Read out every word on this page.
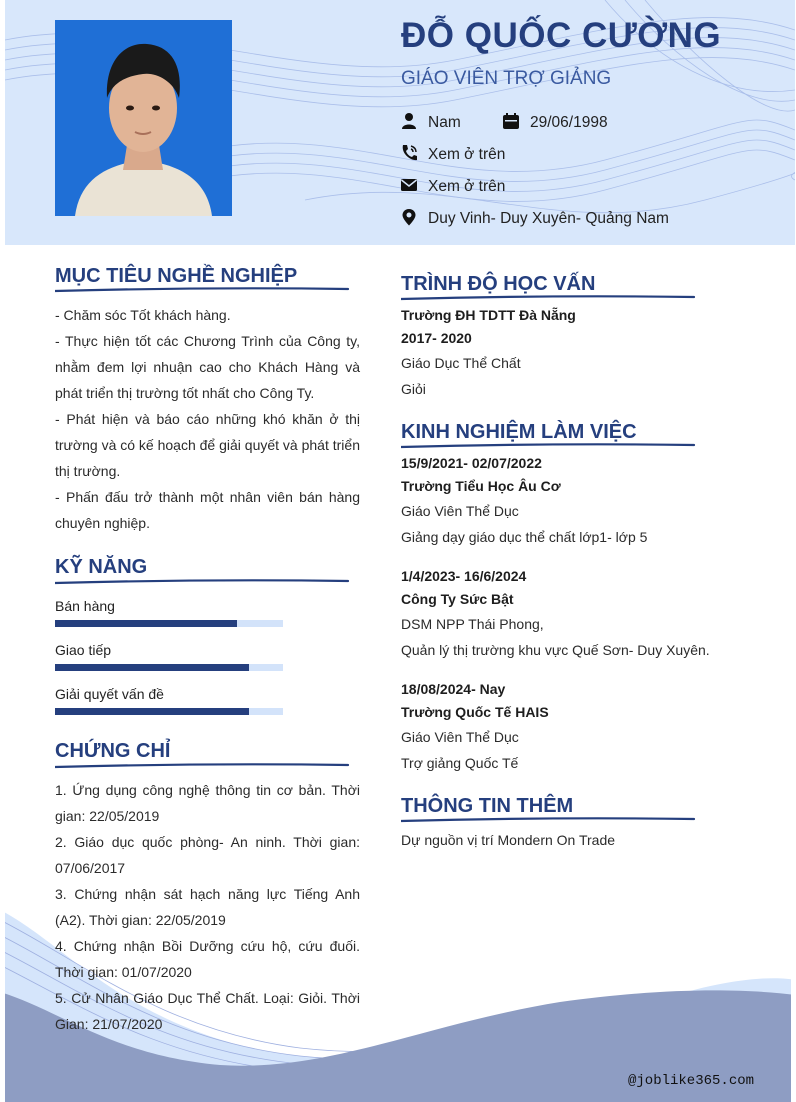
ĐỖ QUỐC CƯỜNG
GIÁO VIÊN TRỢ GIẢNG
Nam	29/06/1998
Xem ở trên
Xem ở trên
Duy Vinh- Duy Xuyên- Quảng Nam
MỤC TIÊU NGHỀ NGHIỆP

- Chăm sóc Tốt khách hàng.

- Thực hiện tốt các Chương Trình của Công ty, nhằm đem lợi nhuận cao cho Khách Hàng và phát triển thị trường tốt nhất cho Công Ty.

- Phát hiện và báo cáo những khó khăn ở thị trường và có kế hoạch để giải quyết và phát triển thị trường.

- Phấn đấu trở thành một nhân viên bán hàng chuyên nghiệp.

KỸ NĂNG
Bán hàng
Giao tiếp
Giải quyết vấn đề
CHỨNG CHỈ

1. Ứng dụng công nghệ thông tin cơ bản. Thời gian: 22/05/2019

2. Giáo dục quốc phòng- An ninh. Thời gian: 07/06/2017

3. Chứng nhận sát hạch năng lực Tiếng Anh (A2). Thời gian: 22/05/2019

4. Chứng nhận Bồi Dưỡng cứu hộ, cứu đuối. Thời gian: 01/07/2020

5. Cử Nhân Giáo Dục Thể Chất. Loại: Giỏi. Thời Gian: 21/07/2020

TRÌNH ĐỘ HỌC VẤN
Trường ĐH TDTT Đà Nẵng
2017- 2020
Giáo Dục Thể Chất
Giỏi
KINH NGHIỆM LÀM VIỆC
15/9/2021- 02/07/2022
Trường Tiểu Học Âu Cơ
Giáo Viên Thể Dục
Giảng dạy giáo dục thể chất lớp1- lớp 5
1/4/2023- 16/6/2024
Công Ty Sức Bật
DSM NPP Thái Phong,
Quản lý thị trường khu vực Quế Sơn- Duy Xuyên.
18/08/2024- Nay
Trường Quốc Tế HAIS
Giáo Viên Thể Dục
Trợ giảng Quốc Tế
THÔNG TIN THÊM
Dự nguồn vị trí Mondern On Trade
@joblike365.com
